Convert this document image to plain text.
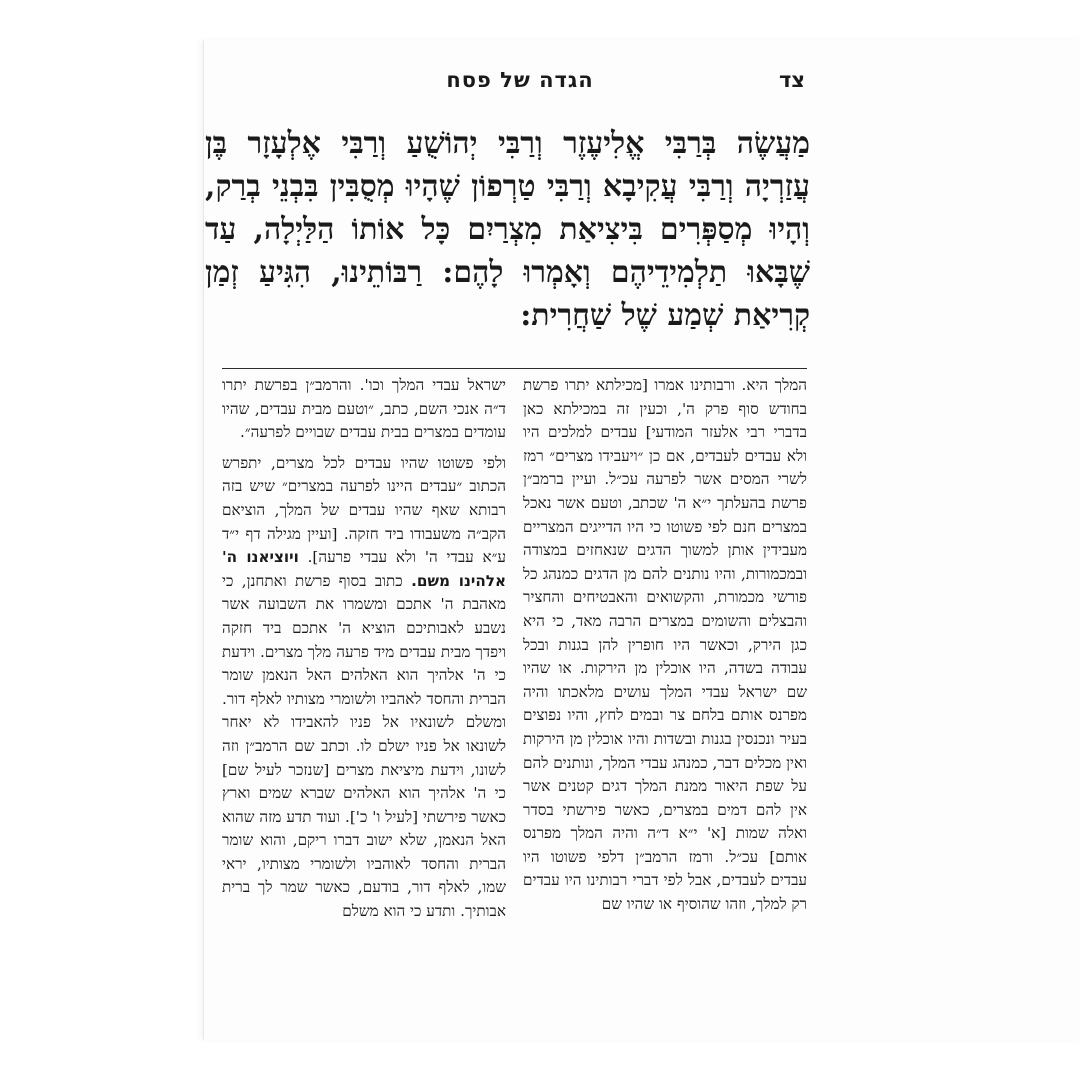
הגדה של פסח	צד
מַעֲשֶׂה בְּרַבִּי אֱלִיעֶזֶר וְרַבִּי יְהוֹשֻׁעַ וְרַבִּי אֶלְעָזָר בֶּן עֲזַרְיָה וְרַבִּי עֲקִיבָא וְרַבִּי טַרְפוֹן שֶׁהָיוּ מְסֻבִּין בִּבְנֵי בְרַק, וְהָיוּ מְסַפְּרִים בִּיצִיאַת מִצְרַיִם כָּל אוֹתוֹ הַלַּיְלָה, עַד שֶׁבָּאוּ תַלְמִידֵיהֶם וְאָמְרוּ לָהֶם: רַבּוֹתֵינוּ, הִגִּיעַ זְמַן קְרִיאַת שְׁמַע שֶׁל שַׁחֲרִית:

המלך היא. ורבותינו אמרו [מכילתא יתרו פרשת בחודש סוף פרק ה', וכעין זה במכילתא כאן בדברי רבי אלעזר המודעי] עבדים למלכים היו ולא עבדים לעבדים, אם כן ״ויעבידו מצרים״ רמז לשרי המסים אשר לפרעה עכ״ל. ועיין ברמב״ן פרשת בהעלתך י״א ה' שכתב, וטעם אשר נאכל במצרים חנם לפי פשוטו כי היו הדייגים המצריים מעבידין אותן למשוך הדגים שנאחזים במצודה ובמכמורות, והיו נותנים להם מן הדגים כמנהג כל פורשי מכמורת, והקשואים והאבטיחים והחציר והבצלים והשומים במצרים הרבה מאד, כי היא כגן הירק, וכאשר היו חופרין להן בגנות ובכל עבודה בשדה, היו אוכלין מן הירקות. או שהיו שם ישראל עבדי המלך עושים מלאכתו והיה מפרנס אותם בלחם צר ובמים לחץ, והיו נפוצים בעיר ונכנסין בגנות ובשדות והיו אוכלין מן הירקות ואין מכלים דבר, כמנהג עבדי המלך, ונותנים להם על שפת היאור ממנת המלך דגים קטנים אשר אין להם דמים במצרים, כאשר פירשתי בסדר ואלה שמות [א' י״א ד״ה והיה המלך מפרנס אותם] עכ״ל. ורמז הרמב״ן דלפי פשוטו היו עבדים לעבדים, אבל לפי דברי רבותינו היו עבדים רק למלך, וזהו שהוסיף או שהיו שם

ישראל עבדי המלך וכו'. והרמב״ן בפרשת יתרו ד״ה אנכי השם, כתב, ״וטעם מבית עבדים, שהיו עומדים במצרים בבית עבדים שבויים לפרעה״.

ולפי פשוטו שהיו עבדים לכל מצרים, יתפרש הכתוב ״עבדים היינו לפרעה במצרים״ שיש בזה רבותא שאף שהיו עבדים של המלך, הוציאם הקב״ה משעבודו ביד חזקה. [ועיין מגילה דף י״ד ע״א עבדי ה' ולא עבדי פרעה]. ויוציאנו ה' אלהינו משם. כתוב בסוף פרשת ואתחנן, כי מאהבת ה' אתכם ומשמרו את השבועה אשר נשבע לאבותיכם הוציא ה' אתכם ביד חזקה ויפדך מבית עבדים מיד פרעה מלך מצרים. וידעת כי ה' אלהיך הוא האלהים האל הנאמן שומר הברית והחסד לאהביו ולשומרי מצותיו לאלף דור. ומשלם לשונאיו אל פניו להאבידו לא יאחר לשונאו אל פניו ישלם לו. וכתב שם הרמב״ן וזה לשונו, וידעת מיציאת מצרים [שנזכר לעיל שם] כי ה' אלהיך הוא האלהים שברא שמים וארץ כאשר פירשתי [לעיל ו' כ']. ועוד תדע מזה שהוא האל הנאמן, שלא ישוב דברו ריקם, והוא שומר הברית והחסד לאוהביו ולשומרי מצותיו, יראי שמו, לאלף דור, בודעם, כאשר שמר לך ברית אבותיך. ותדע כי הוא משלם
